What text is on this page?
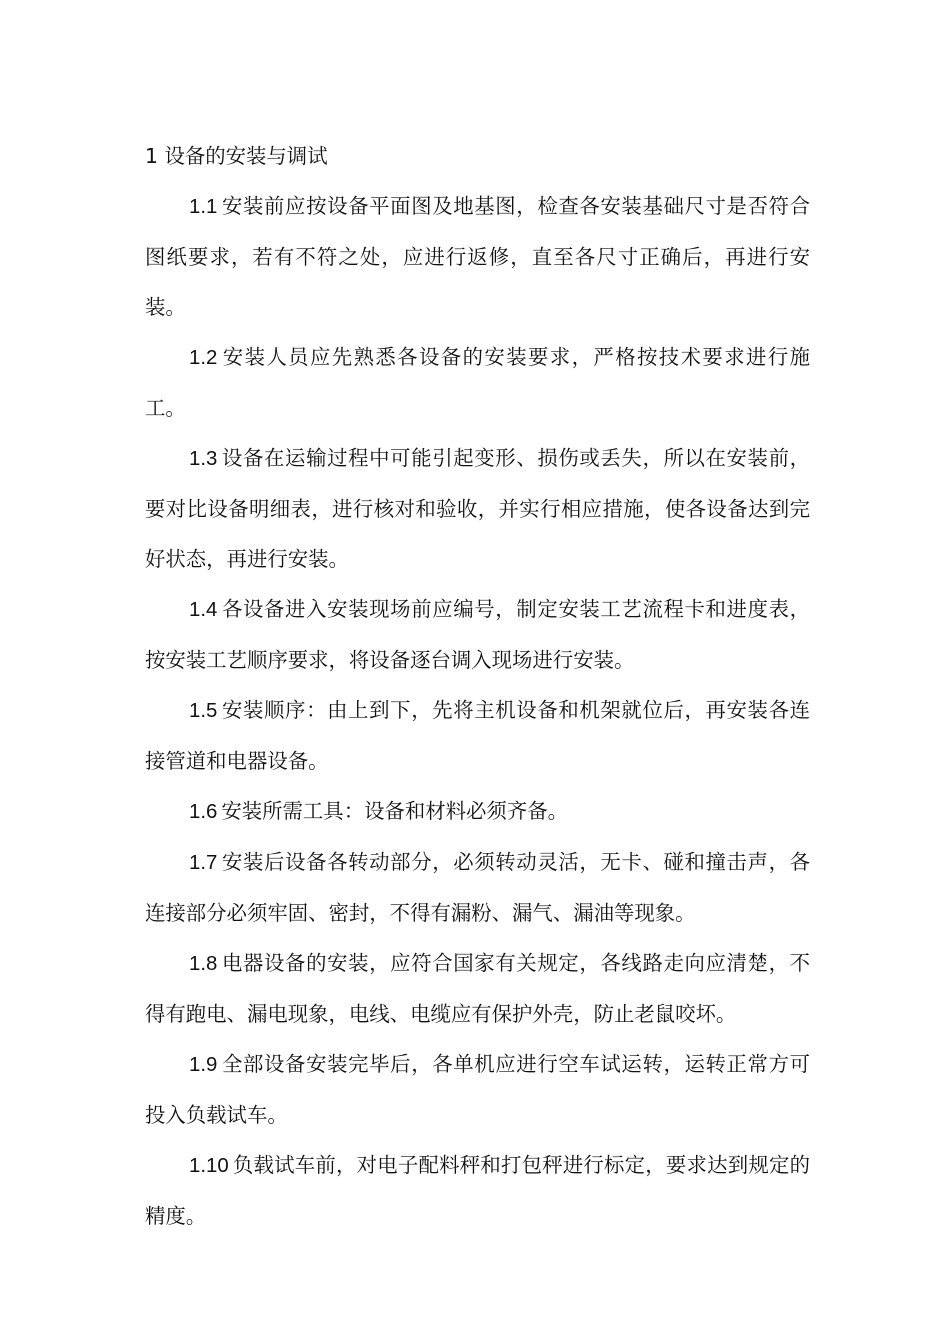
1 设备的安装与调试

1.1 安装前应按设备平面图及地基图，检查各安装基础尺寸是否符合图纸要求，若有不符之处，应进行返修，直至各尺寸正确后，再进行安装。

1.2 安装人员应先熟悉各设备的安装要求，严格按技术要求进行施工。

1.3 设备在运输过程中可能引起变形、损伤或丢失，所以在安装前，要对比设备明细表，进行核对和验收，并实行相应措施，使各设备达到完好状态，再进行安装。

1.4 各设备进入安装现场前应编号，制定安装工艺流程卡和进度表，按安装工艺顺序要求，将设备逐台调入现场进行安装。

1.5 安装顺序：由上到下，先将主机设备和机架就位后，再安装各连接管道和电器设备。

1.6 安装所需工具：设备和材料必须齐备。

1.7 安装后设备各转动部分，必须转动灵活，无卡、碰和撞击声，各连接部分必须牢固、密封，不得有漏粉、漏气、漏油等现象。

1.8 电器设备的安装，应符合国家有关规定，各线路走向应清楚，不得有跑电、漏电现象，电线、电缆应有保护外壳，防止老鼠咬坏。

1.9 全部设备安装完毕后，各单机应进行空车试运转，运转正常方可投入负载试车。

1.10 负载试车前，对电子配料秤和打包秤进行标定，要求达到规定的精度。
